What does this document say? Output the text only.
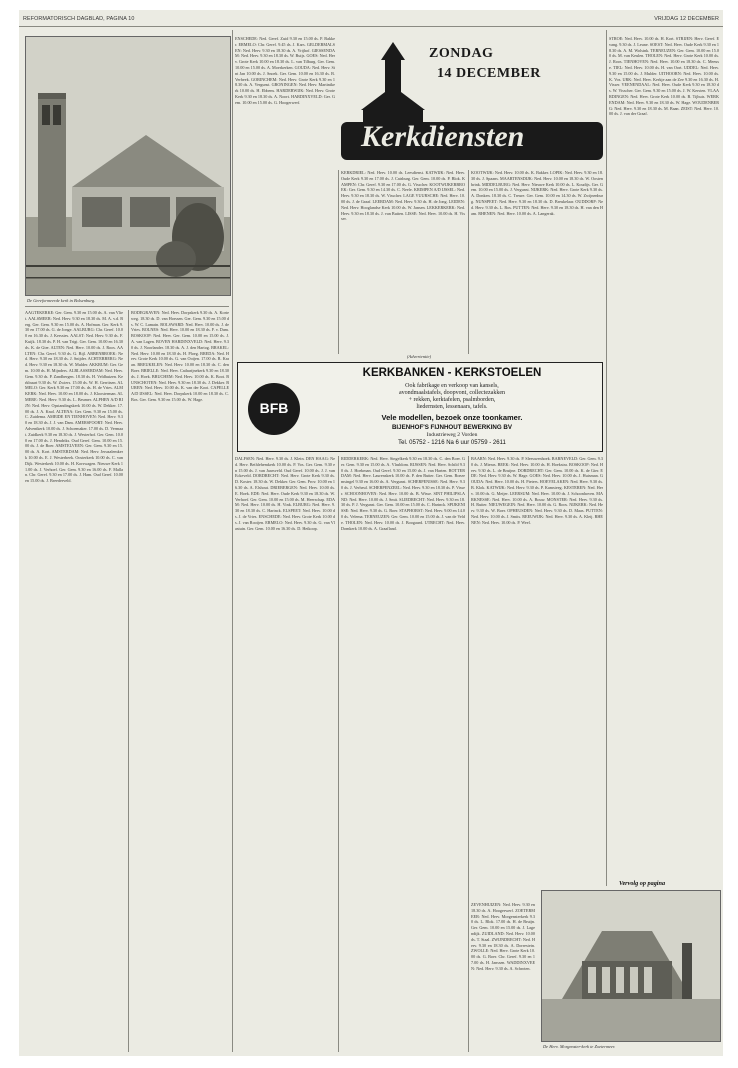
REFORMATORISCH DAGBLAD, PAGINA 10	VRIJDAG 12 DECEMBER
De Gereformeerde kerk in Bolsenburg.
AAGTEKERKE: Ger. Gem. 9.30 en 15.00 ds. A. van Vliet. AALSMEER: Ned. Herv. 9.30 en 18.30 ds. M. A. v.d. Berg. Ger. Gem. 9.30 en 15.00 ds. A. Hofman. Ger. Kerk 9.30 en 17.00 ds. G. de Jonge. AALBURG: Chr. Geref. 10.00 en 16.30 ds. J. Kerssies. AALST: Ned. Herv. 9.30 ds. F. Kuijk. 18.30 ds. P. H. van Trigt. Ger. Gem. 10.00 en 16.30 ds. K. de Gier. ALTEN: Ned. Herv. 10.00 ds. J. Roos. AALTEN: Chr. Geref. 9.30 ds. G. Bijl. ABBENBROEK: Ned. Herv. 9.30 en 18.30 ds. J. Snijder. ACHTERBERG: Ned. Herv. 9.30 en 18.30 ds. W. Mulder. AKKRUM: Ger. Gem. 10.00 ds. H. Mijnders. ALBLASSERDAM: Ned. Herv. Gem. 9.30 ds. P. Zandbergen. 18.30 ds. H. Veldhuizen. Kerkbuurt 9.30 ds. W. Zwiers. 15.00 ds. W. H. Gerritsen. ALMELO: Ger. Kerk 9.30 en 17.00 ds. ds. H. de Vries. ALMKERK: Ned. Herv. 10.00 en 18.00 ds. J. Kloosterman. ALMERE: Ned. Herv. 9.30 ds. L. Beumer. ALPHEN A/D RIJN: Ned. Herv. Opstandingskerk 10.00 ds. W. Dekker. 17.00 ds. J. A. Knol. ALTENA: Ger. Gem. 9.30 en 15.00 ds. C. Zuidema. AMEIDE EN TIENHOVEN: Ned. Herv. 9.30 en 18.30 ds. J. J. van Dam. AMERSFOORT: Ned. Herv. Adventkerk 10.00 ds. J. Schoemaker. 17.00 ds. D. Vermaat. Zuidkerk 9.30 en 18.30 ds. J. Westerhof. Ger. Gem. 10.00 en 17.00 ds. J. Hendriks. Oud Geref. Gem. 10.00 en 15.00 ds. J. de Boer. AMSTELVEEN: Ger. Gem. 9.30 en 15.00 ds. A. Kort. AMSTERDAM: Ned. Herv. Jeruzalemkerk 10.00 ds. E. J. Westerbeek. Oosterkerk 10.00 ds. C. van Dijk. Westerkerk 10.00 ds. H. Korswagen. Nieuwe Kerk 11.00 ds. J. Verhoef. Ger. Gem. 9.30 en 16.00 ds. F. Mallan. Chr. Geref. 9.30 en 17.00 ds. J. Ham. Oud Geref. 10.00 en 15.00 ds. J. Breederveld.
BODEGRAVEN: Ned. Herv. Dorpskerk 9.30 ds. A. Korteweg. 18.30 ds. D. van Horssen. Ger. Gem. 9.30 en 15.00 ds. W. C. Lamain. BOLSWARD: Ned. Herv. 10.00 ds. J. de Vries. BOLNES: Ned. Herv. 10.00 en 18.30 ds. F. v. Dam. BOSKOOP: Ned. Herv. Ger. Gem. 10.00 en 15.00 ds. J. A. van Lagen. BOVEN HARDINXVELD: Ned. Herv. 9.30 ds. J. Noorlander. 18.30 ds. A. J. den Hartog. BRAKEL: Ned. Herv. 10.00 en 18.30 ds. H. Ploeg. BREDA: Ned. Herv. Grote Kerk 10.00 ds. G. van Ooijen. 17.00 ds. R. Kraan. BREUKELEN: Ned. Herv. 10.00 en 18.30 ds. C. den Boer. BRIELLE: Ned. Herv. Catharijnekerk 9.30 en 18.30 ds. J. Hoek. BRUCHEM: Ned. Herv. 10.00 ds. K. Boot. BUNSCHOTEN: Ned. Herv. 9.30 en 18.30 ds. J. Dekker. BUREN: Ned. Herv. 10.00 ds. K. van der Kooi. CAPELLE A/D IJSSEL: Ned. Herv. Dorpskerk 10.00 en 18.30 ds. C. Bos. Ger. Gem. 9.30 en 15.00 ds. W. Hage.
ENSCHEDE: Ned. Geref. Zuid 9.30 en 15.00 ds. P. Bakker. ERMELO: Chr. Geref. 9.45 ds. J. Kars. GELDERMALSEN: Ned. Herv. 9.30 en 18.30 ds. A. Vrijhof. GIESSENDAM: Ned. Herv. 9.30 en 18.30 ds. W. Buijs. GOES: Ned. Herv. Grote Kerk 10.00 en 18.30 ds. L. van Tilburg. Ger. Gem. 10.00 en 15.00 ds. A. Moerkerken. GOUDA: Ned. Herv. Sint Jan 10.00 ds. J. Snoek. Ger. Gem. 10.00 en 16.30 ds. B. Verbeek. GORINCHEM: Ned. Herv. Grote Kerk 9.30 en 18.30 ds. A. Vergunst. GRONINGEN: Ned. Herv. Martinikerk 10.00 ds. H. Ebbens. HARDERWIJK: Ned. Herv. Grote Kerk 9.30 en 18.30 ds. A. Noort. HARDINXVELD: Ger. Gem. 10.00 en 15.00 ds. G. Hoogerwerf.
ZONDAG
14 DECEMBER
Kerkdiensten
KERKDRIEL: Ned. Herv. 10.00 ds. Leesdienst. KATWIJK: Ned. Herv. Oude Kerk 9.30 en 17.00 ds. J. Catsburg. Ger. Gem. 10.00 ds. P. Blok. KAMPEN: Chr. Geref. 9.30 en 17.00 ds. G. Visscher. KOOTWIJKERBROEK: Ger. Gem. 9.30 en 14.30 ds. C. Neele. KRIMPEN A/D IJSSEL: Ned. Herv. 9.30 en 18.30 ds. W. Visscher. LAGE VUURSCHE: Ned. Herv. 10.00 ds. J. de Graaf. LEERDAM: Ned. Herv. 9.30 ds. H. de Jong. LEIDEN: Ned. Herv. Hooglandse Kerk 10.00 ds. W. Jansen. LEKKERKERK: Ned. Herv. 9.30 en 18.30 ds. J. van Buiten. LISSE: Ned. Herv. 10.00 ds. H. Visser.
KOOTWIJK: Ned. Herv. 10.00 ds. K. Bakker. LOPIK: Ned. Herv. 9.30 en 18.30 ds. J. Spaans. MAARTENSDIJK: Ned. Herv. 10.00 en 18.30 ds. W. Oostenbrink. MIDDELBURG: Ned. Herv. Nieuwe Kerk 10.00 ds. L. Koudijs. Ger. Gem. 10.00 en 15.00 ds. J. Vergunst. NIJKERK: Ned. Herv. Grote Kerk 9.30 ds. A. Donken. 18.30 ds. C. Treure. Ger. Gem. 10.00 en 14.30 ds. W. Zwijnenburg. NUNSPEET: Ned. Herv. 9.30 en 18.30 ds. D. Breukelaar. OUDDORP: Ned. Herv. 9.30 ds. L. Bos. PUTTEN: Ned. Herv. 9.30 en 18.30 ds. H. van den Ham. RHENEN: Ned. Herv. 10.00 ds. A. Langerak.
(Advertentie)
BFB
KERKBANKEN - KERKSTOELEN
Ook fabrikage en verkoop van kansels,
avondmaalstafels, doopvont, collectezakken
+ rekken, kerktafelen, psalmborden,
liedernsten, lessenaars, tafels.
Vele modellen, bezoek onze toonkamer.
BIJENHOF'S FIJNHOUT BEWERKING BV
Industrieweg 2 Vorden
Tel. 05752 - 1216 Na 6 uur 05759 - 2611
DALFSEN: Ned. Herv. 9.30 ds. J. Klein. DEN HAAG: Ned. Herv. Bethlehemkerk 10.00 ds. P. Vos. Ger. Gem. 9.30 en 15.00 ds. J. van Jaarsveld. Oud Geref. 10.00 ds. J. J. van Eckeveld. DORDRECHT: Ned. Herv. Grote Kerk 9.30 ds. D. Koster. 18.30 ds. W. Dekker. Ger. Gem. Prov. 10.00 en 16.30 ds. A. Elshout. DRIEBERGEN: Ned. Herv. 10.00 ds. E. Hoek. EDE: Ned. Herv. Oude Kerk 9.30 en 18.30 ds. W. Verhoef. Ger. Gem. 10.00 en 15.00 ds. M. Heerschap. EDAM: Ned. Herv. 10.00 ds. H. Vink. ELBURG: Ned. Herv. 9.30 en 18.30 ds. C. Harinck. ELSPEET: Ned. Herv. 10.00 ds. J. de Vries. ENSCHEDE: Ned. Herv. Grote Kerk 10.00 ds. J. van Rooijen. ERMELO: Ned. Herv. 9.30 ds. G. van Vlastuin. Ger. Gem. 10.00 en 16.30 ds. D. Heikoop.
RIDDERKERK: Ned. Herv. Singelkerk 9.30 en 18.30 ds. C. den Boer. Ger. Gem. 9.30 en 15.00 ds. A. Vlasblom. RIJSSEN: Ned. Herv. Schild 9.30 ds. J. Hoekman. Oud Geref. 9.30 en 15.00 ds. J. van Harten. ROTTERDAM: Ned. Herv. Laurenskerk 10.00 ds. P. den Butter. Ger. Gem. Boezemsingel 9.30 en 16.00 ds. A. Vergunst. SCHERPENISSE: Ned. Herv. 9.30 ds. J. Verheul. SCHERPENZEEL: Ned. Herv. 9.30 en 18.30 ds. P. Visser. SCHOONHOVEN: Ned. Herv. 10.00 ds. B. Wisse. SINT PHILIPSLAND: Ned. Herv. 10.00 ds. J. Smit. SLIEDRECHT: Ned. Herv. 9.30 en 18.30 ds. P. J. Vergunst. Ger. Gem. 10.00 en 15.00 ds. C. Harinck. SPIJKENISSE: Ned. Herv. 9.30 ds. G. Boer. STAPHORST: Ned. Herv. 9.00 en 14.00 ds. Velema. TERNEUZEN: Ger. Gem. 10.00 en 15.00 ds. J. van de Velde. THOLEN: Ned. Herv. 10.00 ds. J. Boogaard. UTRECHT: Ned. Herv. Domkerk 10.00 ds. A. Graafland.
BAARN: Ned. Herv. 9.30 ds. P. Sleeuwenhoek. BARNEVELD: Ger. Gem. 9.30 ds. J. Mieras. BEEK: Ned. Herv. 10.00 ds. H. Hoekstra. BOSKOOP: Ned. Herv. 9.30 ds. L. de Bruijne. DORDRECHT: Ger. Gem. 10.00 ds. K. de Gier. EDE: Ned. Herv. 9.30 ds. W. Hage. GOES: Ned. Herv. 10.00 ds. J. Huisman. GOUDA: Ned. Herv. 10.00 ds. H. Pieters. HOEVELAKEN: Ned. Herv. 9.30 ds. B. Klok. KATWIJK: Ned. Herv. 9.30 ds. P. Kamsteeg. KESTEREN: Ned. Herv. 10.00 ds. G. Meijer. LEERSUM: Ned. Herv. 10.00 ds. J. Schoonhoven. MARKNESSE: Ned. Herv. 10.00 ds. A. Bouw. MONSTER: Ned. Herv. 9.30 ds. H. Ruiter. NIEUWEGEIN: Ned. Herv. 10.00 ds. G. Roos. NIJKERK: Ned. Herv. 9.30 ds. W. Boer. OPHEUSDEN: Ned. Herv. 9.30 ds. D. Maas. PUTTEN: Ned. Herv. 10.00 ds. J. Smits. REEUWIJK: Ned. Herv. 9.30 ds. A. Kleij. RHENEN: Ned. Herv. 10.00 ds. P. Weel.
STROE: Ned. Herv. 10.00 ds. H. Kort. STRIJEN: Herv. Geref. Evang. 9.30 ds. J. Leune. SOEST: Ned. Herv. Oude Kerk 9.30 en 18.30 ds. A. M. Wolsink. TERNEUZEN: Ger. Gem. 10.00 en 15.00 ds. M. van Keulen. THOLEN: Ned. Herv. Grote Kerk 10.00 ds. J. Roos. TIENHOVEN: Ned. Herv. 10.00 en 18.30 ds. C. Meeuse. TIEL: Ned. Herv. 10.00 ds. H. van Oort. UDDEL: Ned. Herv. 9.30 en 15.00 ds. J. Mulder. UITHOORN: Ned. Herv. 10.00 ds. K. Vos. URK: Ned. Herv. Kerkje aan de Zee 9.30 en 16.30 ds. H. Visser. VEENENDAAL: Ned. Herv. Oude Kerk 9.30 en 18.30 ds. W. Visscher. Ger. Gem. 9.30 en 15.00 ds. J. W. Kersten. VLAARDINGEN: Ned. Herv. Grote Kerk 10.00 ds. B. Tijhuis. WERKENDAM: Ned. Herv. 9.30 en 18.30 ds. W. Hage. WOUDENBERG: Ned. Herv. 9.30 en 18.30 ds. M. Baan. ZEIST: Ned. Herv. 10.00 ds. J. van der Graaf.
Vervolg op pagina
De Herv. Morgenster-kerk te Zoetermeer.
ZEVENHUIZEN: Ned. Herv. 9.30 en 18.30 ds. A. Hoogerwerf. ZOETERMEER: Ned. Herv. Morgensterkerk 9.30 ds. L. Blok. 17.00 ds. H. de Bruijn. Ger. Gem. 10.00 en 15.00 ds. J. Lagendijk. ZUIDLAND: Ned. Herv. 10.00 ds. T. Staal. ZWIJNDRECHT: Ned. Herv. 9.30 en 18.30 ds. A. Dorrestein. ZWOLLE: Ned. Herv. Grote Kerk 10.00 ds. G. Boer. Chr. Geref. 9.30 en 17.00 ds. H. Janssen. WADDINXVEEN: Ned. Herv. 9.30 ds. A. Schroten.
